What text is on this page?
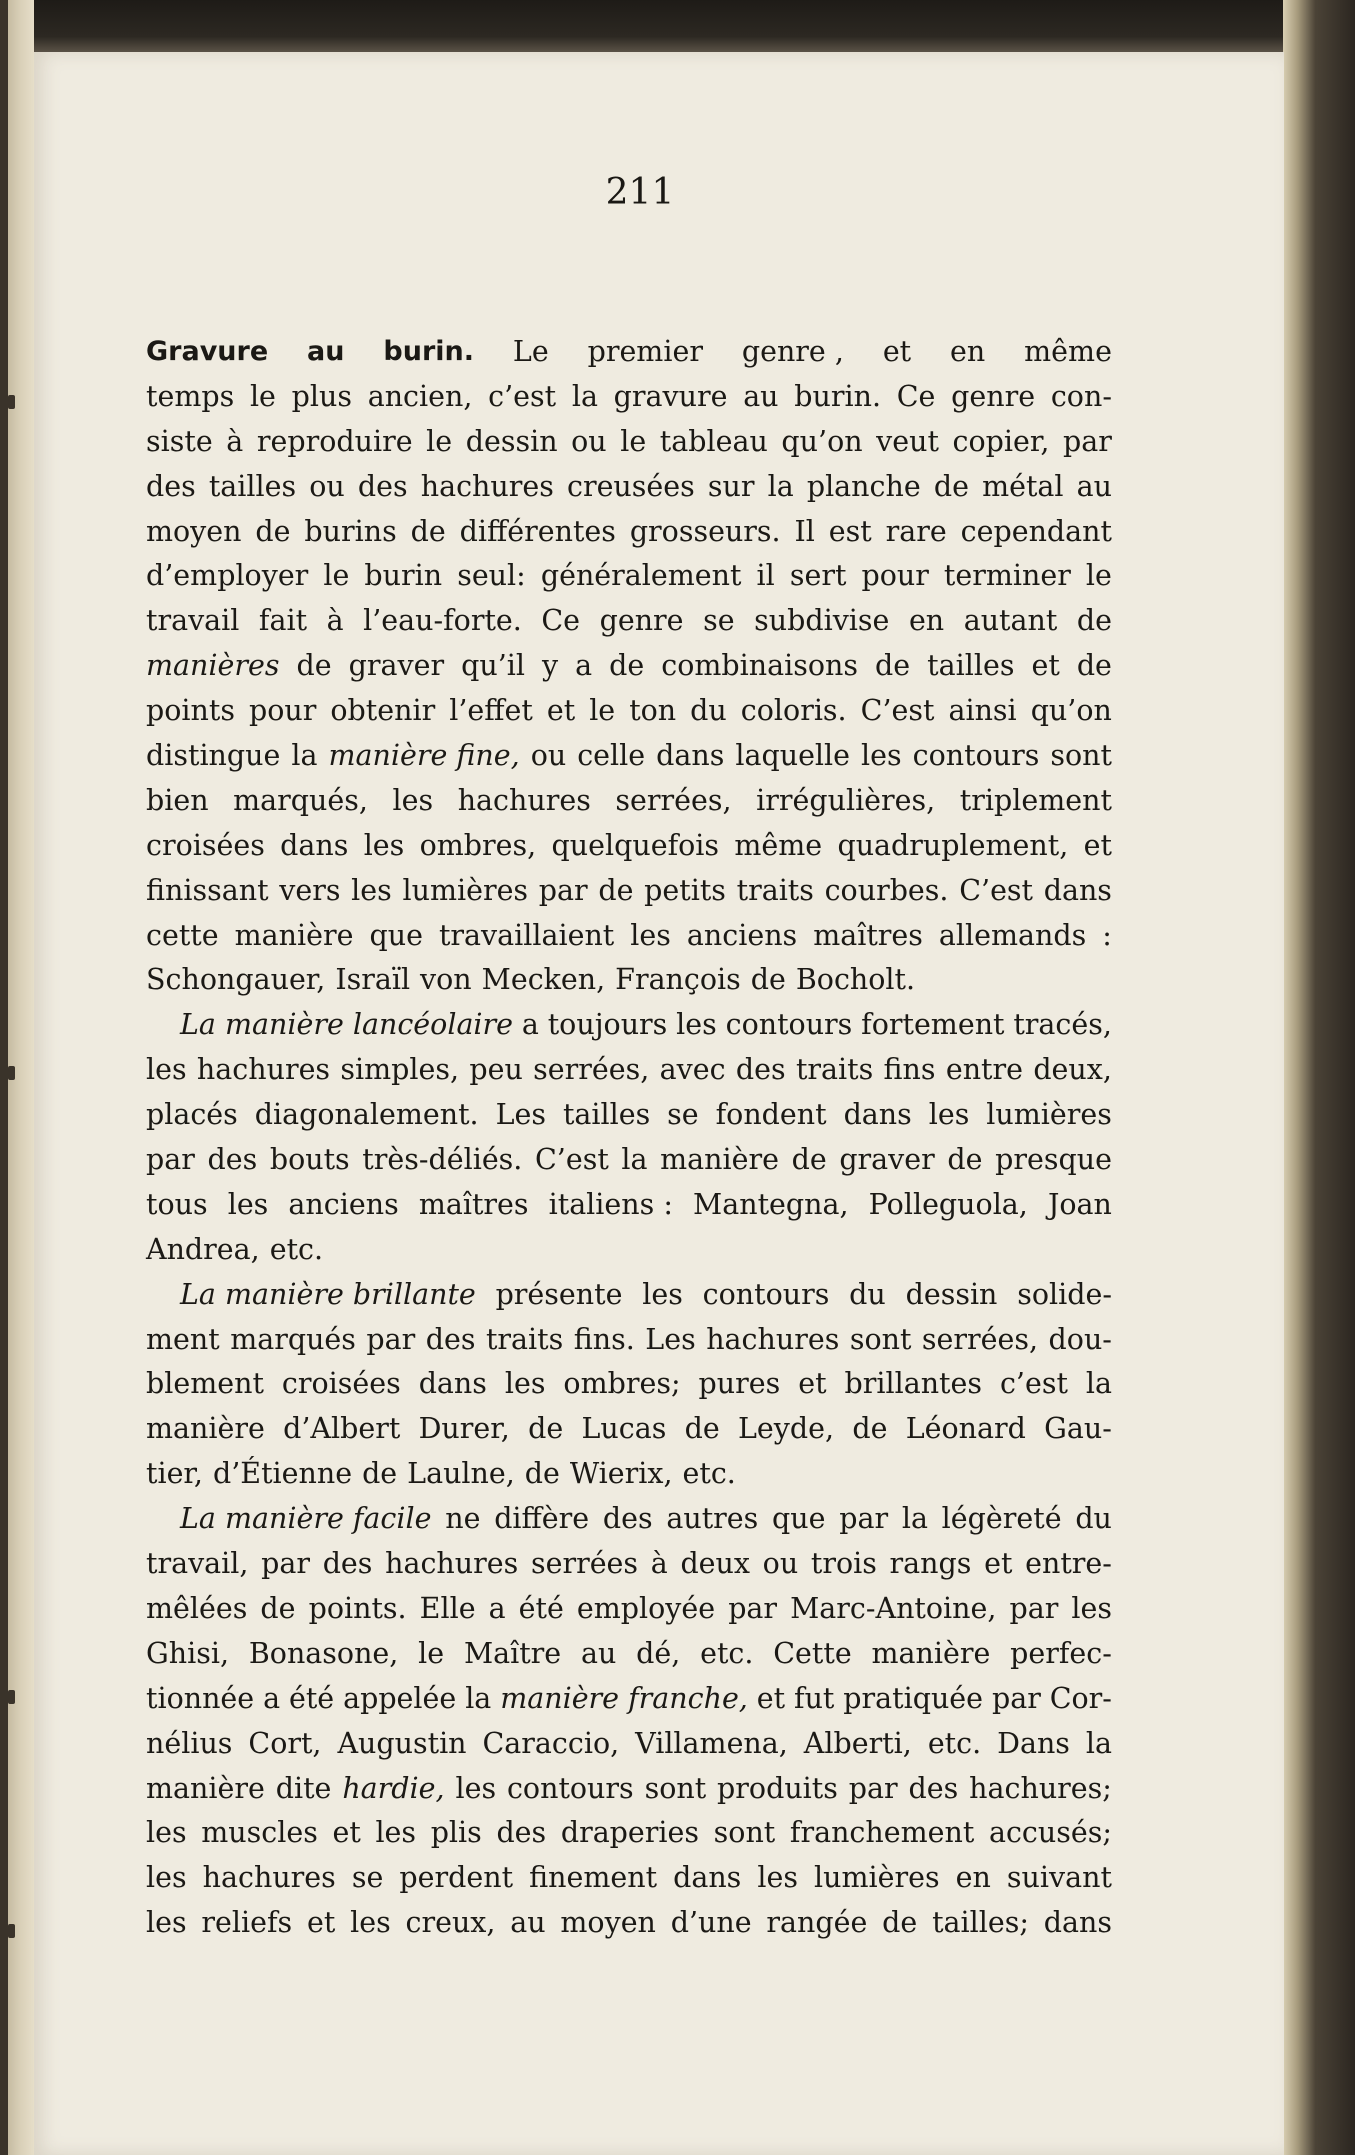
211
Gravure au burin. Le premier genre , et en même
temps le plus ancien, c’est la gravure au burin. Ce genre con-
siste à reproduire le dessin ou le tableau qu’on veut copier, par
des tailles ou des hachures creusées sur la planche de métal au
moyen de burins de différentes grosseurs. Il est rare cependant
d’employer le burin seul: généralement il sert pour terminer le
travail fait à l’eau-forte. Ce genre se subdivise en autant de
manières de graver qu’il y a de combinaisons de tailles et de
points pour obtenir l’effet et le ton du coloris. C’est ainsi qu’on
distingue la manière fine, ou celle dans laquelle les contours sont
bien marqués, les hachures serrées, irrégulières, triplement
croisées dans les ombres, quelquefois même quadruplement, et
finissant vers les lumières par de petits traits courbes. C’est dans
cette manière que travaillaient les anciens maîtres allemands :
Schongauer, Israïl von Mecken, François de Bocholt.
La manière lancéolaire a toujours les contours fortement tracés,
les hachures simples, peu serrées, avec des traits fins entre deux,
placés diagonalement. Les tailles se fondent dans les lumières
par des bouts très-déliés. C’est la manière de graver de presque
tous les anciens maîtres italiens : Mantegna, Polleguola, Joan
Andrea, etc.
La manière brillante présente les contours du dessin solide-
ment marqués par des traits fins. Les hachures sont serrées, dou-
blement croisées dans les ombres; pures et brillantes c’est la
manière d’Albert Durer, de Lucas de Leyde, de Léonard Gau-
tier, d’Étienne de Laulne, de Wierix, etc.
La manière facile ne diffère des autres que par la légèreté du
travail, par des hachures serrées à deux ou trois rangs et entre-
mêlées de points. Elle a été employée par Marc-Antoine, par les
Ghisi, Bonasone, le Maître au dé, etc. Cette manière perfec-
tionnée a été appelée la manière franche, et fut pratiquée par Cor-
nélius Cort, Augustin Caraccio, Villamena, Alberti, etc. Dans la
manière dite hardie, les contours sont produits par des hachures;
les muscles et les plis des draperies sont franchement accusés;
les hachures se perdent finement dans les lumières en suivant
les reliefs et les creux, au moyen d’une rangée de tailles; dans
